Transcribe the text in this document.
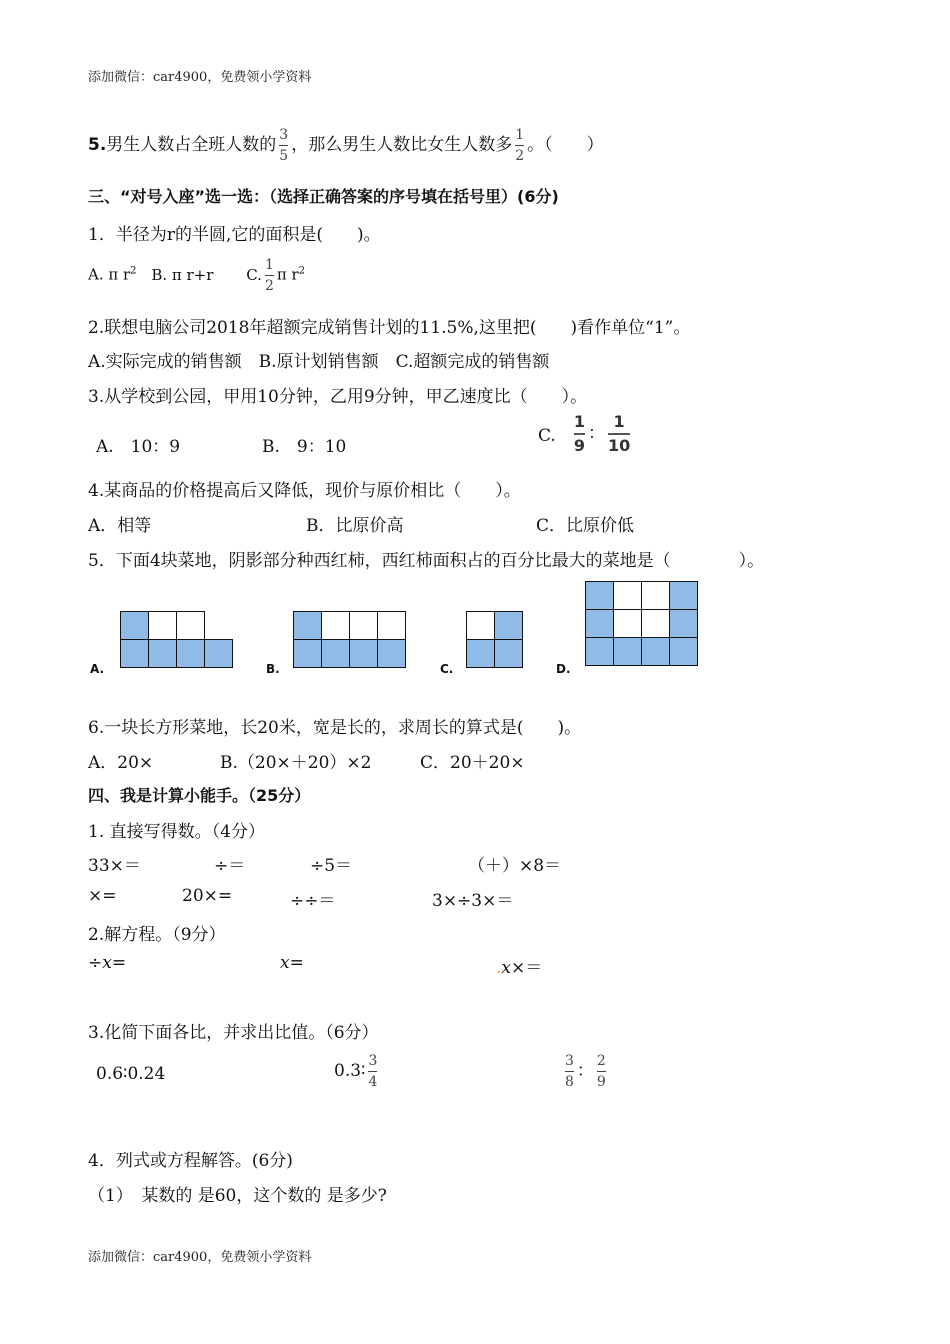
添加微信：car4900，免费领小学资料
5.男生人数占全班人数的 $\frac{3}{5}$ ，那么男生人数比女生人数多 $\frac{1}{2}$ 。（　　）
三、“对号入座”选一选：（选择正确答案的序号填在括号里）(6分)
1．半径为r的半圆,它的面积是(　　)。
A. π $r^2$ B. π r+r C. $\frac{1}{2}$ π $r^2$
2.联想电脑公司2018年超额完成销售计划的11.5%,这里把(　　)看作单位“1”。
A.实际完成的销售额　B.原计划销售额　C.超额完成的销售额
3.从学校到公园，甲用10分钟，乙用9分钟，甲乙速度比（　　）。
A.　10：9	B.　9：10
C. $\frac{1}{9}$ ： $\frac{1}{10}$
4.某商品的价格提高后又降低，现价与原价相比（　　）。
A．相等	B．比原价高	C．比原价低
5．下面4块菜地，阴影部分种西红柿，西红柿面积占的百分比最大的菜地是（　　　　）。
A.	B.	C.	D.
6.一块长方形菜地，长20米，宽是长的，求周长的算式是(　　)。
A．20×	B.（20×＋20）×2	C．20＋20×
四、我是计算小能手。（25分）
1. 直接写得数。（4分）
33×＝	÷＝	÷5＝	（＋）×8＝
×=	20×=	÷÷＝	3×÷3×＝
2.解方程。（9分）
÷x=	x=	.x×＝
3.化简下面各比，并求出比值。（6分）
0.6∶0.24	0.3∶ $\frac{3}{4}$	$\frac{3}{8}$ ： $\frac{2}{9}$
4．列式或方程解答。(6分)
（1）　某数的 是60，这个数的 是多少?
添加微信：car4900，免费领小学资料
